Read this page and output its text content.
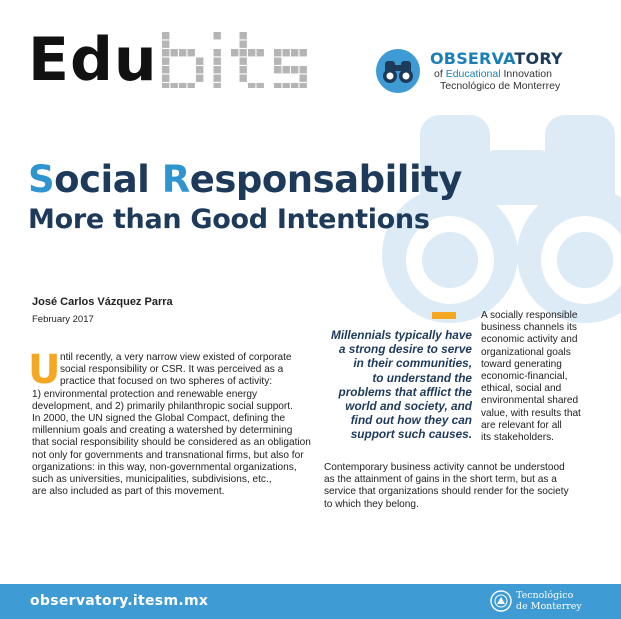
Edu	OBSERVATORY
of Educational Innovation
Tecnológico de Monterrey
Social Responsability
More than Good Intentions
José Carlos Vázquez Parra
February 2017
U ntil recently, a very narrow view existed of corporate
social responsibility or CSR. It was perceived as a
practice that focused on two spheres of activity:
1) environmental protection and renewable energy
development, and 2) primarily philanthropic social support.
In 2000, the UN signed the Global Compact, defining the
millennium goals and creating a watershed by determining
that social responsibility should be considered as an obligation
not only for governments and transnational firms, but also for
organizations: in this way, non-governmental organizations,
such as universities, municipalities, subdivisions, etc.,
are also included as part of this movement.
Millennials typically have
a strong desire to serve
in their communities,
to understand the
problems that afflict the
world and society, and
find out how they can
support such causes.
A socially responsible
business channels its
economic activity and
organizational goals
toward generating
economic-financial,
ethical, social and
environmental shared
value, with results that
are relevant for all
its stakeholders.
Contemporary business activity cannot be understood
as the attainment of gains in the short term, but as a
service that organizations should render for the society
to which they belong.
observatory.itesm.mx	Tecnológico
de Monterrey
